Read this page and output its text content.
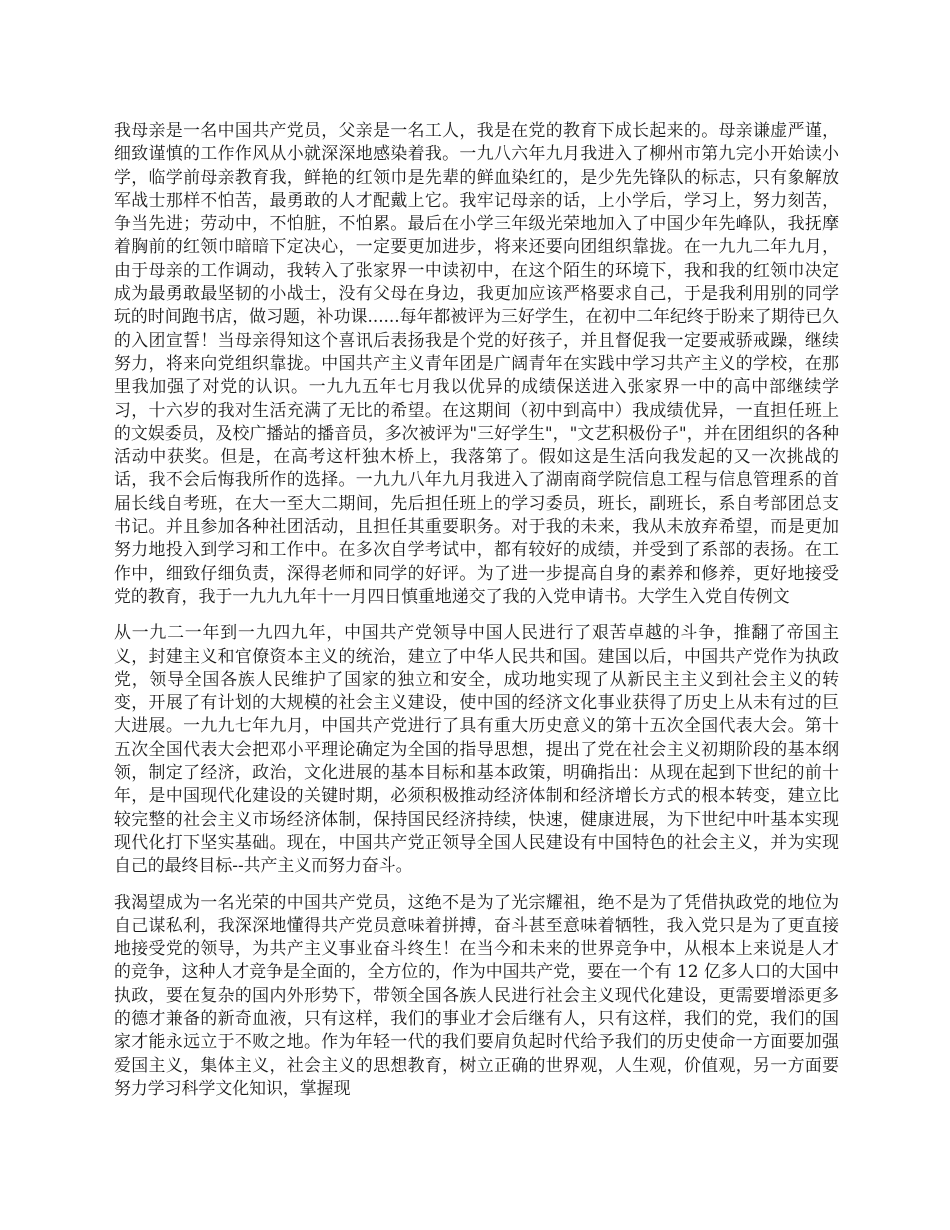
我母亲是一名中国共产党员，父亲是一名工人，我是在党的教育下成长起来的。母亲谦虚严谨，细致谨慎的工作作风从小就深深地感染着我。一九八六年九月我进入了柳州市第九完小开始读小学，临学前母亲教育我，鲜艳的红领巾是先辈的鲜血染红的，是少先先锋队的标志，只有象解放军战士那样不怕苦，最勇敢的人才配戴上它。我牢记母亲的话，上小学后，学习上，努力刻苦，争当先进；劳动中，不怕脏，不怕累。最后在小学三年级光荣地加入了中国少年先峰队，我抚摩着胸前的红领巾暗暗下定决心，一定要更加进步，将来还要向团组织靠拢。在一九九二年九月，由于母亲的工作调动，我转入了张家界一中读初中，在这个陌生的环境下，我和我的红领巾决定成为最勇敢最坚韧的小战士，没有父母在身边，我更加应该严格要求自己，于是我利用别的同学玩的时间跑书店，做习题，补功课......每年都被评为三好学生，在初中二年纪终于盼来了期待已久的入团宣誓！当母亲得知这个喜讯后表扬我是个党的好孩子，并且督促我一定要戒骄戒躁，继续努力，将来向党组织靠拢。中国共产主义青年团是广阔青年在实践中学习共产主义的学校，在那里我加强了对党的认识。一九九五年七月我以优异的成绩保送进入张家界一中的高中部继续学习，十六岁的我对生活充满了无比的希望。在这期间（初中到高中）我成绩优异，一直担任班上的文娱委员，及校广播站的播音员，多次被评为"三好学生"，"文艺积极份子"，并在团组织的各种活动中获奖。但是，在高考这杆独木桥上，我落第了。假如这是生活向我发起的又一次挑战的话，我不会后悔我所作的选择。一九九八年九月我进入了湖南商学院信息工程与信息管理系的首届长线自考班，在大一至大二期间，先后担任班上的学习委员，班长，副班长，系自考部团总支书记。并且参加各种社团活动，且担任其重要职务。对于我的未来，我从未放弃希望，而是更加努力地投入到学习和工作中。在多次自学考试中，都有较好的成绩，并受到了系部的表扬。在工作中，细致仔细负责，深得老师和同学的好评。为了进一步提高自身的素养和修养，更好地接受党的教育，我于一九九九年十一月四日慎重地递交了我的入党申请书。大学生入党自传例文

从一九二一年到一九四九年，中国共产党领导中国人民进行了艰苦卓越的斗争，推翻了帝国主义，封建主义和官僚资本主义的统治，建立了中华人民共和国。建国以后，中国共产党作为执政党，领导全国各族人民维护了国家的独立和安全，成功地实现了从新民主主义到社会主义的转变，开展了有计划的大规模的社会主义建设，使中国的经济文化事业获得了历史上从未有过的巨大进展。一九九七年九月，中国共产党进行了具有重大历史意义的第十五次全国代表大会。第十五次全国代表大会把邓小平理论确定为全国的指导思想，提出了党在社会主义初期阶段的基本纲领，制定了经济，政治，文化进展的基本目标和基本政策，明确指出：从现在起到下世纪的前十年，是中国现代化建设的关键时期，必须积极推动经济体制和经济增长方式的根本转变，建立比较完整的社会主义市场经济体制，保持国民经济持续，快速，健康进展，为下世纪中叶基本实现现代化打下坚实基础。现在，中国共产党正领导全国人民建设有中国特色的社会主义，并为实现自己的最终目标--共产主义而努力奋斗。

我渴望成为一名光荣的中国共产党员，这绝不是为了光宗耀祖，绝不是为了凭借执政党的地位为自己谋私利，我深深地懂得共产党员意味着拼搏，奋斗甚至意味着牺牲，我入党只是为了更直接地接受党的领导，为共产主义事业奋斗终生！在当今和未来的世界竞争中，从根本上来说是人才的竞争，这种人才竞争是全面的，全方位的，作为中国共产党，要在一个有 12 亿多人口的大国中执政，要在复杂的国内外形势下，带领全国各族人民进行社会主义现代化建设，更需要增添更多的德才兼备的新奇血液，只有这样，我们的事业才会后继有人，只有这样，我们的党，我们的国家才能永远立于不败之地。作为年轻一代的我们要肩负起时代给予我们的历史使命一方面要加强爱国主义，集体主义，社会主义的思想教育，树立正确的世界观，人生观，价值观，另一方面要努力学习科学文化知识，掌握现
